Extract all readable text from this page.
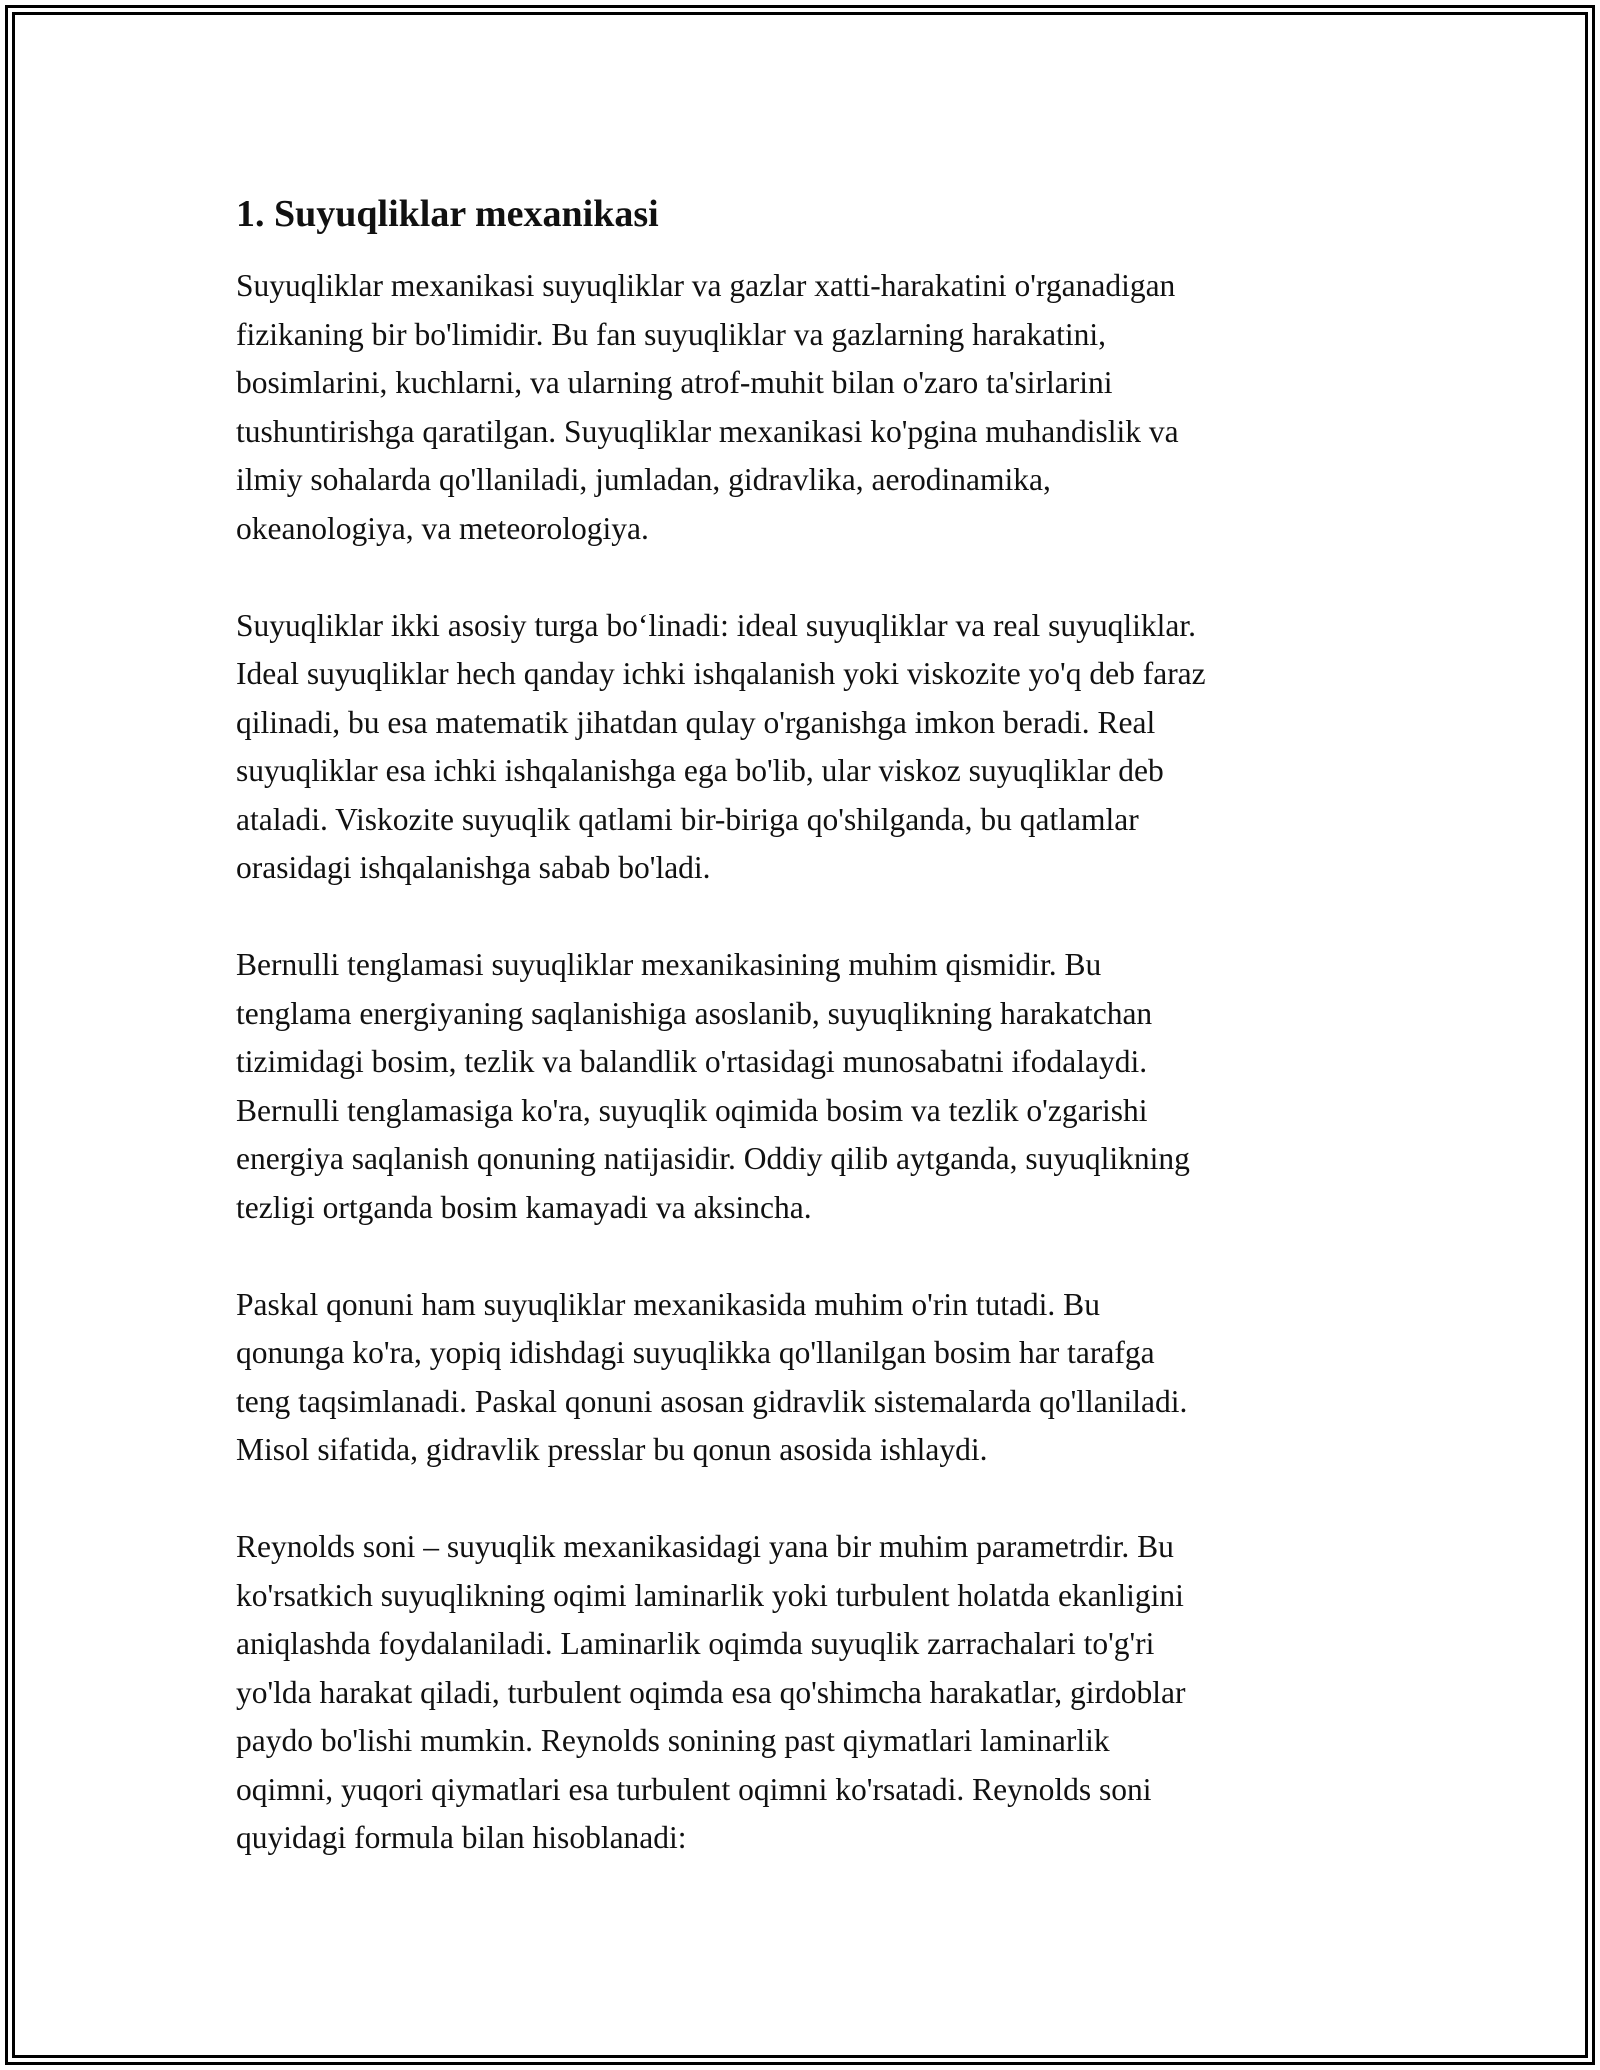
1. Suyuqliklar mexanikasi

Suyuqliklar mexanikasi suyuqliklar va gazlar xatti-harakatini o'rganadigan
fizikaning bir bo'limidir. Bu fan suyuqliklar va gazlarning harakatini,
bosimlarini, kuchlarni, va ularning atrof-muhit bilan o'zaro ta'sirlarini
tushuntirishga qaratilgan. Suyuqliklar mexanikasi ko'pgina muhandislik va
ilmiy sohalarda qo'llaniladi, jumladan, gidravlika, aerodinamika,
okeanologiya, va meteorologiya.

Suyuqliklar ikki asosiy turga bo‘linadi: ideal suyuqliklar va real suyuqliklar.
Ideal suyuqliklar hech qanday ichki ishqalanish yoki viskozite yo'q deb faraz
qilinadi, bu esa matematik jihatdan qulay o'rganishga imkon beradi. Real
suyuqliklar esa ichki ishqalanishga ega bo'lib, ular viskoz suyuqliklar deb
ataladi. Viskozite suyuqlik qatlami bir-biriga qo'shilganda, bu qatlamlar
orasidagi ishqalanishga sabab bo'ladi.

Bernulli tenglamasi suyuqliklar mexanikasining muhim qismidir. Bu
tenglama energiyaning saqlanishiga asoslanib, suyuqlikning harakatchan
tizimidagi bosim, tezlik va balandlik o'rtasidagi munosabatni ifodalaydi.
Bernulli tenglamasiga ko'ra, suyuqlik oqimida bosim va tezlik o'zgarishi
energiya saqlanish qonuning natijasidir. Oddiy qilib aytganda, suyuqlikning
tezligi ortganda bosim kamayadi va aksincha.

Paskal qonuni ham suyuqliklar mexanikasida muhim o'rin tutadi. Bu
qonunga ko'ra, yopiq idishdagi suyuqlikka qo'llanilgan bosim har tarafga
teng taqsimlanadi. Paskal qonuni asosan gidravlik sistemalarda qo'llaniladi.
Misol sifatida, gidravlik presslar bu qonun asosida ishlaydi.

Reynolds soni – suyuqlik mexanikasidagi yana bir muhim parametrdir. Bu
ko'rsatkich suyuqlikning oqimi laminarlik yoki turbulent holatda ekanligini
aniqlashda foydalaniladi. Laminarlik oqimda suyuqlik zarrachalari to'g'ri
yo'lda harakat qiladi, turbulent oqimda esa qo'shimcha harakatlar, girdoblar
paydo bo'lishi mumkin. Reynolds sonining past qiymatlari laminarlik
oqimni, yuqori qiymatlari esa turbulent oqimni ko'rsatadi. Reynolds soni
quyidagi formula bilan hisoblanadi:
